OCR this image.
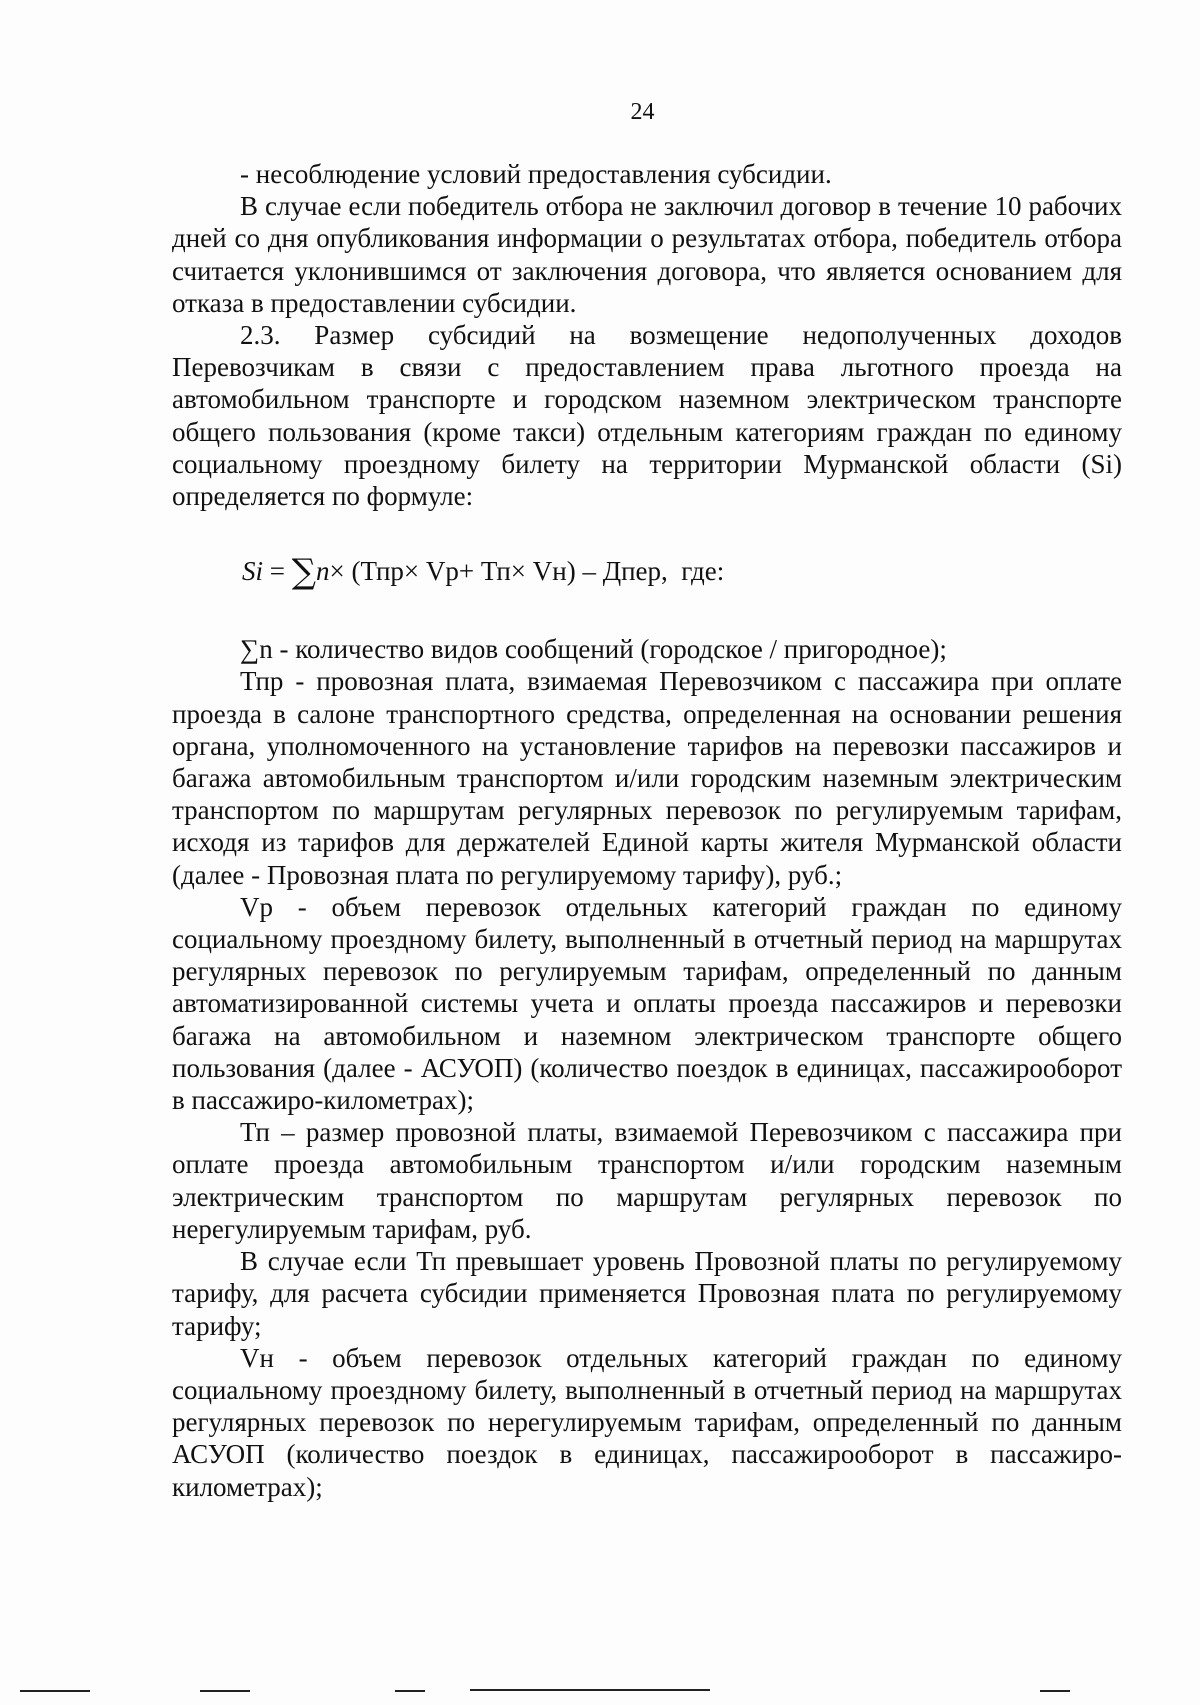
24

- несоблюдение условий предоставления субсидии.

В случае если победитель отбора не заключил договор в течение 10 рабочих дней со дня опубликования информации о результатах отбора, победитель отбора считается уклонившимся от заключения договора, что является основанием для отказа в предоставлении субсидии.

2.3. Размер субсидий на возмещение недополученных доходов Перевозчикам в связи с предоставлением права льготного проезда на автомобильном транспорте и городском наземном электрическом транспорте общего пользования (кроме такси) отдельным категориям граждан по единому социальному проездному билету на территории Мурманской области (Si) определяется по формуле:

Si = ∑n× (Тпр× Vр+ Тп× Vн) – Дпер, где:

∑n - количество видов сообщений (городское / пригородное);

Тпр - провозная плата, взимаемая Перевозчиком с пассажира при оплате проезда в салоне транспортного средства, определенная на основании решения органа, уполномоченного на установление тарифов на перевозки пассажиров и багажа автомобильным транспортом и/или городским наземным электрическим транспортом по маршрутам регулярных перевозок по регулируемым тарифам, исходя из тарифов для держателей Единой карты жителя Мурманской области (далее - Провозная плата по регулируемому тарифу), руб.;

Vр - объем перевозок отдельных категорий граждан по единому социальному проездному билету, выполненный в отчетный период на маршрутах регулярных перевозок по регулируемым тарифам, определенный по данным автоматизированной системы учета и оплаты проезда пассажиров и перевозки багажа на автомобильном и наземном электрическом транспорте общего пользования (далее - АСУОП) (количество поездок в единицах, пассажирооборот в пассажиро-километрах);

Тп – размер провозной платы, взимаемой Перевозчиком с пассажира при оплате проезда автомобильным транспортом и/или городским наземным электрическим транспортом по маршрутам регулярных перевозок по нерегулируемым тарифам, руб.

В случае если Тп превышает уровень Провозной платы по регулируемому тарифу, для расчета субсидии применяется Провозная плата по регулируемому тарифу;

Vн - объем перевозок отдельных категорий граждан по единому социальному проездному билету, выполненный в отчетный период на маршрутах регулярных перевозок по нерегулируемым тарифам, определенный по данным АСУОП (количество поездок в единицах, пассажирооборот в пассажиро-километрах);
